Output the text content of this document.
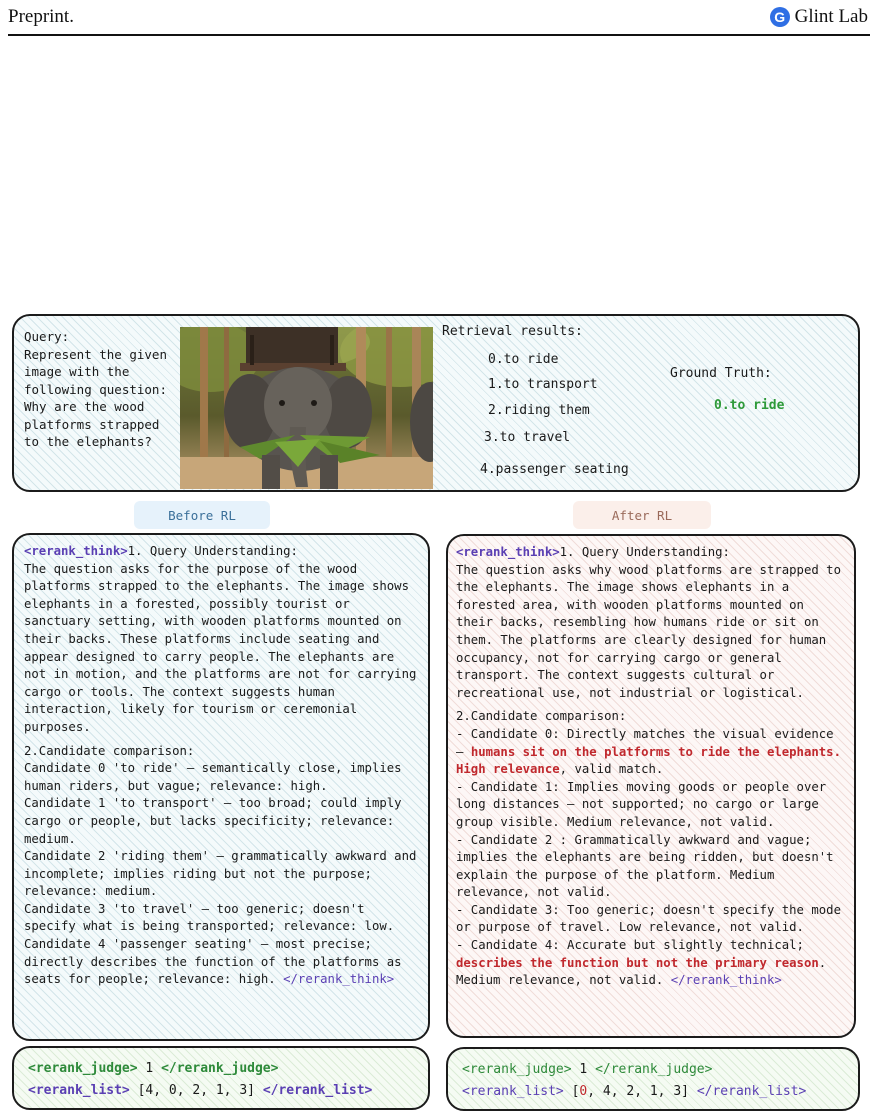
Preprint.	G Glint Lab
Query:
Represent the given
image with the
following question:
Why are the wood
platforms strapped
to the elephants?
Retrieval results:
0.to ride
1.to transport
2.riding them
3.to travel
4.passenger seating
Ground Truth:
0.to ride
Before RL	After RL

<rerank_think>1. Query Understanding:

The question asks for the purpose of the wood platforms strapped to the elephants. The image shows elephants in a forested, possibly tourist or sanctuary setting, with wooden platforms mounted on their backs. These platforms include seating and appear designed to carry people. The elephants are not in motion, and the platforms are not for carrying cargo or tools. The context suggests human interaction, likely for tourism or ceremonial purposes.

2.Candidate comparison:

Candidate 0 'to ride' — semantically close, implies human riders, but vague; relevance: high.

Candidate 1 'to transport' — too broad; could imply cargo or people, but lacks specificity; relevance: medium.

Candidate 2 'riding them' — grammatically awkward and incomplete; implies riding but not the purpose; relevance: medium.

Candidate 3 'to travel' — too generic; doesn't specify what is being transported; relevance: low.

Candidate 4 'passenger seating' — most precise; directly describes the function of the platforms as seats for people; relevance: high. </rerank_think>

<rerank_think>1. Query Understanding:

The question asks why wood platforms are strapped to the elephants. The image shows elephants in a forested area, with wooden platforms mounted on their backs, resembling how humans ride or sit on them. The platforms are clearly designed for human occupancy, not for carrying cargo or general transport. The context suggests cultural or recreational use, not industrial or logistical.

2.Candidate comparison:

- Candidate 0: Directly matches the visual evidence — humans sit on the platforms to ride the elephants. High relevance, valid match.

- Candidate 1: Implies moving goods or people over long distances — not supported; no cargo or large group visible. Medium relevance, not valid.

- Candidate 2 : Grammatically awkward and vague; implies the elephants are being ridden, but doesn't explain the purpose of the platform. Medium relevance, not valid.

- Candidate 3: Too generic; doesn't specify the mode or purpose of travel. Low relevance, not valid.

- Candidate 4: Accurate but slightly technical; describes the function but not the primary reason. Medium relevance, not valid. </rerank_think>

<rerank_judge> 1 </rerank_judge>
<rerank_list> [4, 0, 2, 1, 3] </rerank_list>
<rerank_judge> 1 </rerank_judge>
<rerank_list> [0, 4, 2, 1, 3] </rerank_list>
